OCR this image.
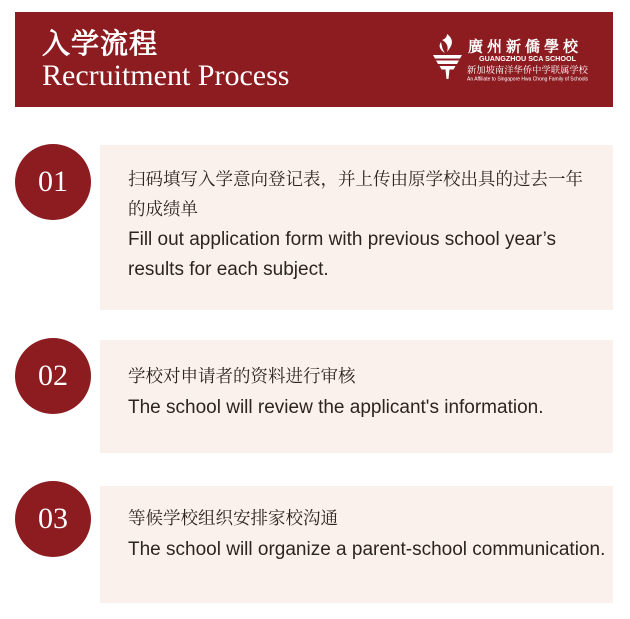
入学流程
Recruitment Process
廣州新僑學校
GUANGZHOU SCA SCHOOL
新加坡南洋华侨中学联属学校
An Affiliate to Singapore Hwa Chong Family of Schools
扫码填写入学意向登记表，并上传由原学校出具的过去一年
的成绩单
Fill out application form with previous school year’s
results for each subject.
01
学校对申请者的资料进行审核
The school will review the applicant's information.
02
等候学校组织安排家校沟通
The school will organize a parent-school communication.
03
